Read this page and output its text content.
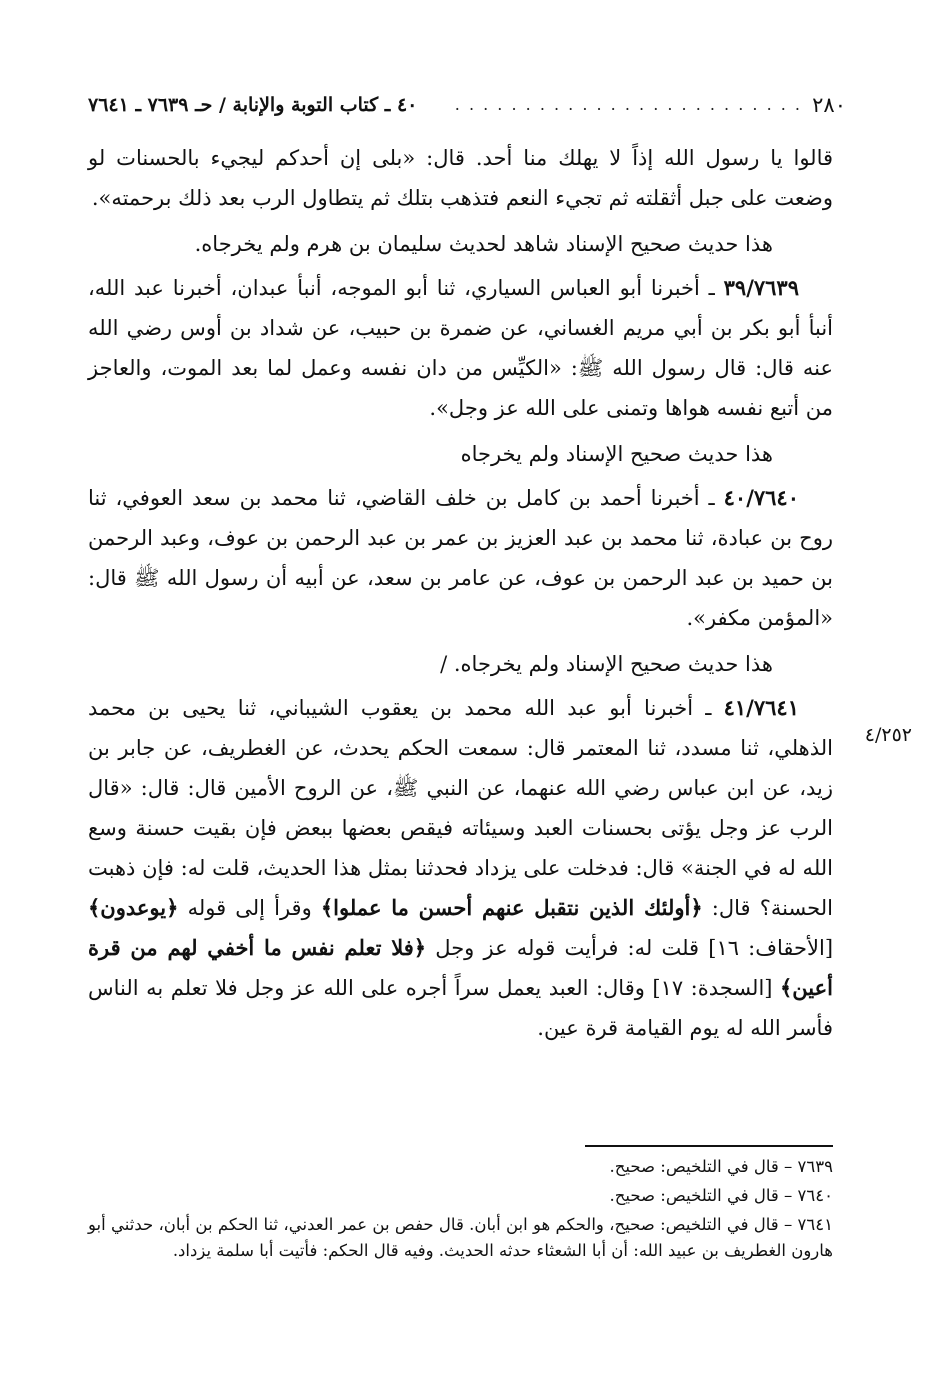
٢٨٠
. . . . . . . . . . . . . . . . . . . . . . . . .
٤٠ ـ كتاب التوبة والإنابة / حـ ٧٦٣٩ ـ ٧٦٤١

قالوا يا رسول الله إذاً لا يهلك منا أحد. قال: «بلى إن أحدكم ليجيء بالحسنات لو وضعت على جبل أثقلته ثم تجيء النعم فتذهب بتلك ثم يتطاول الرب بعد ذلك برحمته».

هذا حديث صحيح الإسناد شاهد لحديث سليمان بن هرم ولم يخرجاه.

٣٩/٧٦٣٩ ـ أخبرنا أبو العباس السياري، ثنا أبو الموجه، أنبأ عبدان، أخبرنا عبد الله، أنبأ أبو بكر بن أبي مريم الغساني، عن ضمرة بن حبيب، عن شداد بن أوس رضي الله عنه قال: قال رسول الله ﷺ: «الكيِّس من دان نفسه وعمل لما بعد الموت، والعاجز من أتبع نفسه هواها وتمنى على الله عز وجل».

هذا حديث صحيح الإسناد ولم يخرجاه

٤٠/٧٦٤٠ ـ أخبرنا أحمد بن كامل بن خلف القاضي، ثنا محمد بن سعد العوفي، ثنا روح بن عبادة، ثنا محمد بن عبد العزيز بن عمر بن عبد الرحمن بن عوف، وعبد الرحمن بن حميد بن عبد الرحمن بن عوف، عن عامر بن سعد، عن أبيه أن رسول الله ﷺ قال: «المؤمن مكفر».

هذا حديث صحيح الإسناد ولم يخرجاه. /

٤١/٧٦٤١ ـ أخبرنا أبو عبد الله محمد بن يعقوب الشيباني، ثنا يحيى بن محمد الذهلي، ثنا مسدد، ثنا المعتمر قال: سمعت الحكم يحدث، عن الغطريف، عن جابر بن زيد، عن ابن عباس رضي الله عنهما، عن النبي ﷺ، عن الروح الأمين قال: قال: «قال الرب عز وجل يؤتى بحسنات العبد وسيئاته فيقص بعضها ببعض فإن بقيت حسنة وسع الله له في الجنة» قال: فدخلت على يزداد فحدثنا بمثل هذا الحديث، قلت له: فإن ذهبت الحسنة؟ قال: ﴿أولئك الذين نتقبل عنهم أحسن ما عملوا﴾ وقرأ إلى قوله ﴿يوعدون﴾ [الأحقاف: ١٦] قلت له: فرأيت قوله عز وجل ﴿فلا تعلم نفس ما أخفي لهم من قرة أعين﴾ [السجدة: ١٧] وقال: العبد يعمل سراً أجره على الله عز وجل فلا تعلم به الناس فأسر الله له يوم القيامة قرة عين.

٤/٢٥٢

٧٦٣٩ – قال في التلخيص: صحيح.

٧٦٤٠ – قال في التلخيص: صحيح.

٧٦٤١ – قال في التلخيص: صحيح، والحكم هو ابن أبان. قال حفص بن عمر العدني، ثنا الحكم بن أبان، حدثني أبو هارون الغطريف بن عبيد الله: أن أبا الشعثاء حدثه الحديث. وفيه قال الحكم: فأتيت أبا سلمة يزداد.
